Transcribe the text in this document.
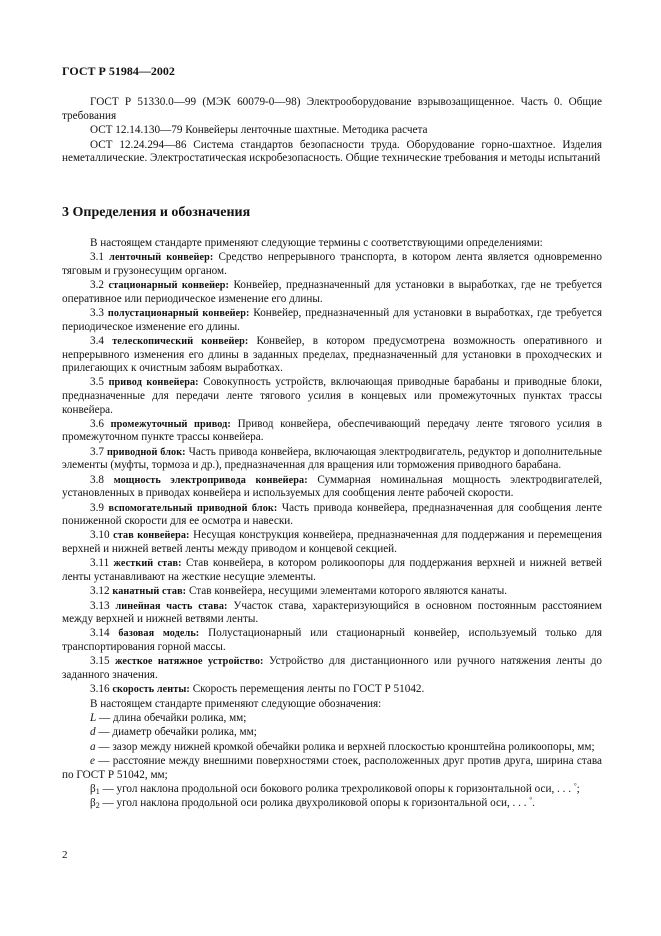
ГОСТ Р 51984—2002

ГОСТ Р 51330.0—99 (МЭК 60079-0—98) Электрооборудование взрывозащищенное. Часть 0. Общие требования

ОСТ 12.14.130—79 Конвейеры ленточные шахтные. Методика расчета

ОСТ 12.24.294—86 Система стандартов безопасности труда. Оборудование горно-шахтное. Изделия неметаллические. Электростатическая искробезопасность. Общие технические требования и методы испытаний

3 Определения и обозначения

В настоящем стандарте применяют следующие термины с соответствующими определениями:

3.1 ленточный конвейер: Средство непрерывного транспорта, в котором лента является одновременно тяговым и грузонесущим органом.

3.2 стационарный конвейер: Конвейер, предназначенный для установки в выработках, где не требуется оперативное или периодическое изменение его длины.

3.3 полустационарный конвейер: Конвейер, предназначенный для установки в выработках, где требуется периодическое изменение его длины.

3.4 телескопический конвейер: Конвейер, в котором предусмотрена возможность оперативного и непрерывного изменения его длины в заданных пределах, предназначенный для установки в проходческих и прилегающих к очистным забоям выработках.

3.5 привод конвейера: Совокупность устройств, включающая приводные барабаны и приводные блоки, предназначенные для передачи ленте тягового усилия в концевых или промежуточных пунктах трассы конвейера.

3.6 промежуточный привод: Привод конвейера, обеспечивающий передачу ленте тягового усилия в промежуточном пункте трассы конвейера.

3.7 приводной блок: Часть привода конвейера, включающая электродвигатель, редуктор и дополнительные элементы (муфты, тормоза и др.), предназначенная для вращения или торможения приводного барабана.

3.8 мощность электропривода конвейера: Суммарная номинальная мощность электродвигателей, установленных в приводах конвейера и используемых для сообщения ленте рабочей скорости.

3.9 вспомогательный приводной блок: Часть привода конвейера, предназначенная для сообщения ленте пониженной скорости для ее осмотра и навески.

3.10 став конвейера: Несущая конструкция конвейера, предназначенная для поддержания и перемещения верхней и нижней ветвей ленты между приводом и концевой секцией.

3.11 жесткий став: Став конвейера, в котором роликоопоры для поддержания верхней и нижней ветвей ленты устанавливают на жесткие несущие элементы.

3.12 канатный став: Став конвейера, несущими элементами которого являются канаты.

3.13 линейная часть става: Участок става, характеризующийся в основном постоянным расстоянием между верхней и нижней ветвями ленты.

3.14 базовая модель: Полустационарный или стационарный конвейер, используемый только для транспортирования горной массы.

3.15 жесткое натяжное устройство: Устройство для дистанционного или ручного натяжения ленты до заданного значения.

3.16 скорость ленты: Скорость перемещения ленты по ГОСТ Р 51042.

В настоящем стандарте применяют следующие обозначения:

L — длина обечайки ролика, мм;

d — диаметр обечайки ролика, мм;

a — зазор между нижней кромкой обечайки ролика и верхней плоскостью кронштейна роликоопоры, мм;

e — расстояние между внешними поверхностями стоек, расположенных друг против друга, ширина става по ГОСТ Р 51042, мм;

$\beta_1$ — угол наклона продольной оси бокового ролика трехроликовой опоры к горизонтальной оси, . . . °;

$\beta_2$ — угол наклона продольной оси ролика двухроликовой опоры к горизонтальной оси, . . . °.

2
